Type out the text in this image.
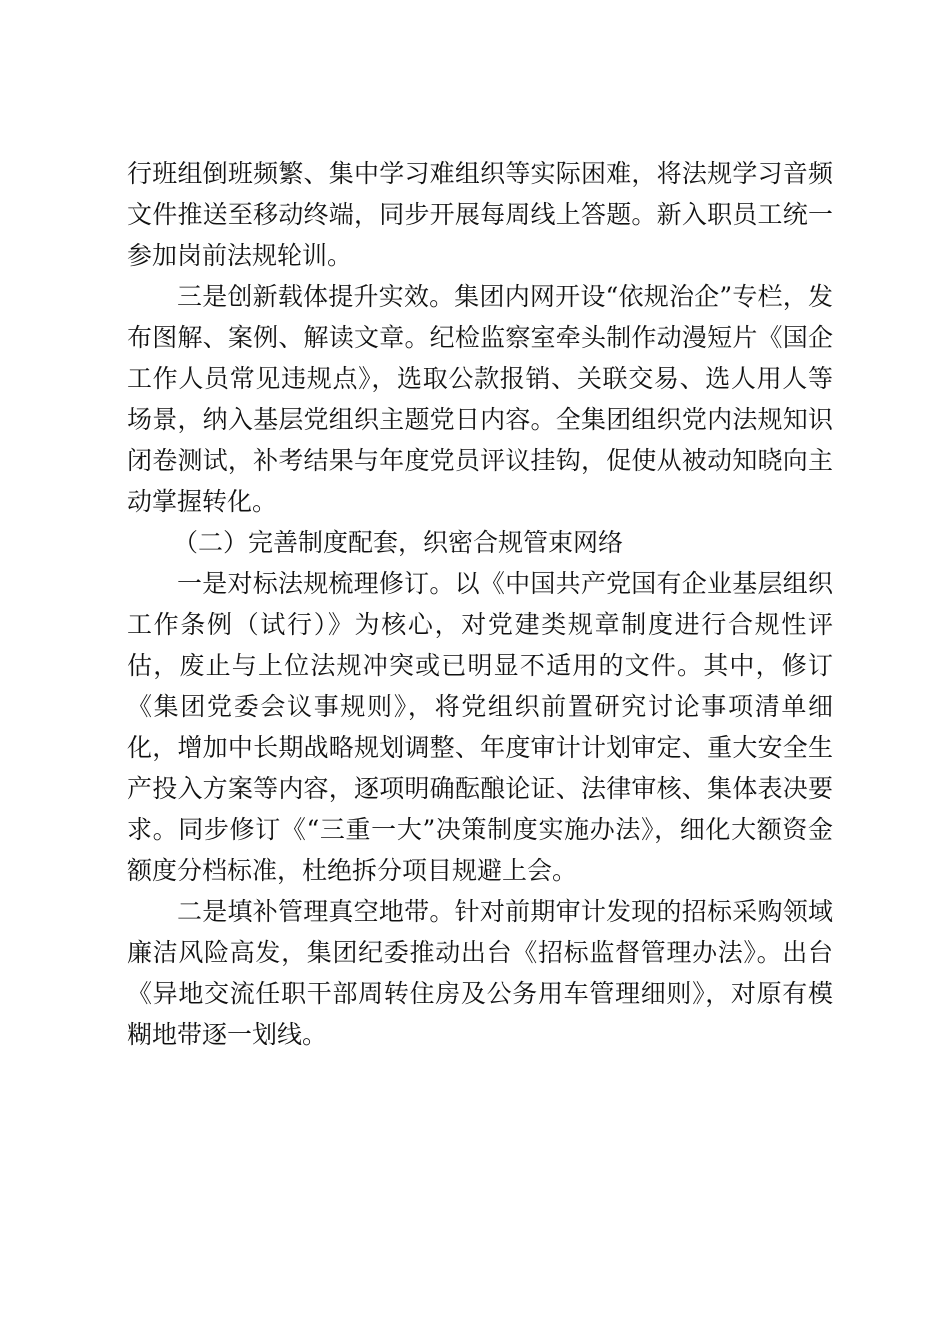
行班组倒班频繁、集中学习难组织等实际困难，将法规学习音频文件推送至移动终端，同步开展每周线上答题。新入职员工统一参加岗前法规轮训。

三是创新载体提升实效。集团内网开设“依规治企”专栏，发布图解、案例、解读文章。纪检监察室牵头制作动漫短片《国企工作人员常见违规点》，选取公款报销、关联交易、选人用人等场景，纳入基层党组织主题党日内容。全集团组织党内法规知识闭卷测试，补考结果与年度党员评议挂钩，促使从被动知晓向主动掌握转化。

（二）完善制度配套，织密合规管束网络

一是对标法规梳理修订。以《中国共产党国有企业基层组织工作条例（试行）》为核心，对党建类规章制度进行合规性评估，废止与上位法规冲突或已明显不适用的文件。其中，修订《集团党委会议事规则》，将党组织前置研究讨论事项清单细化，增加中长期战略规划调整、年度审计计划审定、重大安全生产投入方案等内容，逐项明确酝酿论证、法律审核、集体表决要求。同步修订《“三重一大”决策制度实施办法》，细化大额资金额度分档标准，杜绝拆分项目规避上会。

二是填补管理真空地带。针对前期审计发现的招标采购领域廉洁风险高发，集团纪委推动出台《招标监督管理办法》。出台《异地交流任职干部周转住房及公务用车管理细则》，对原有模糊地带逐一划线。
